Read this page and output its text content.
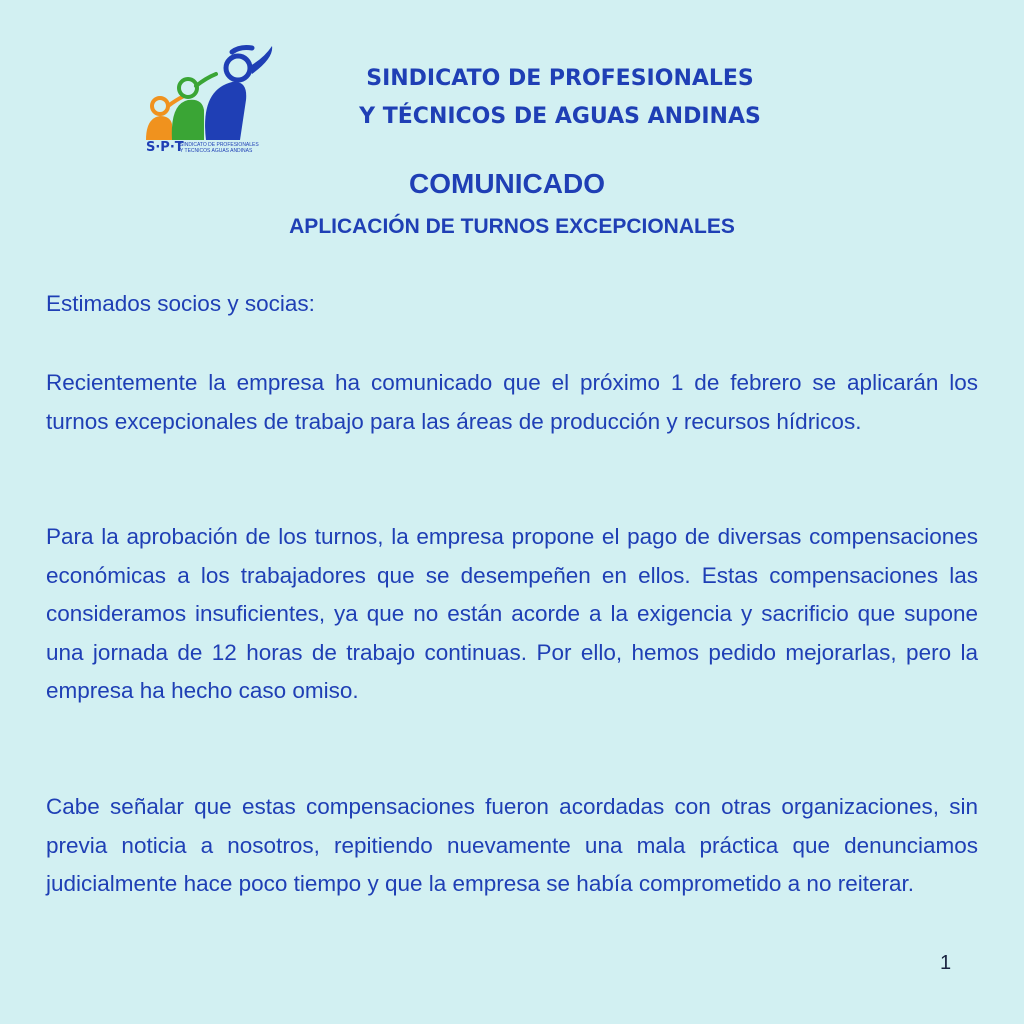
S·P·T
SINDICATO DE PROFESIONALES
Y TECNICOS AGUAS ANDINAS
SINDICATO DE PROFESIONALES
Y TÉCNICOS DE AGUAS ANDINAS
COMUNICADO
APLICACIÓN DE TURNOS EXCEPCIONALES

Estimados socios y socias:

Recientemente la empresa ha comunicado que el próximo 1 de febrero se aplicarán los turnos excepcionales de trabajo para las áreas de producción y recursos hídricos.

Para la aprobación de los turnos, la empresa propone el pago de diversas compensaciones económicas a los trabajadores que se desempeñen en ellos. Estas compensaciones las consideramos insuficientes, ya que no están acorde a la exigencia y sacrificio que supone una jornada de 12 horas de trabajo continuas. Por ello, hemos pedido mejorarlas, pero la empresa ha hecho caso omiso.

Cabe señalar que estas compensaciones fueron acordadas con otras organizaciones, sin previa noticia a nosotros, repitiendo nuevamente una mala práctica que denunciamos judicialmente hace poco tiempo y que la empresa se había comprometido a no reiterar.

1
